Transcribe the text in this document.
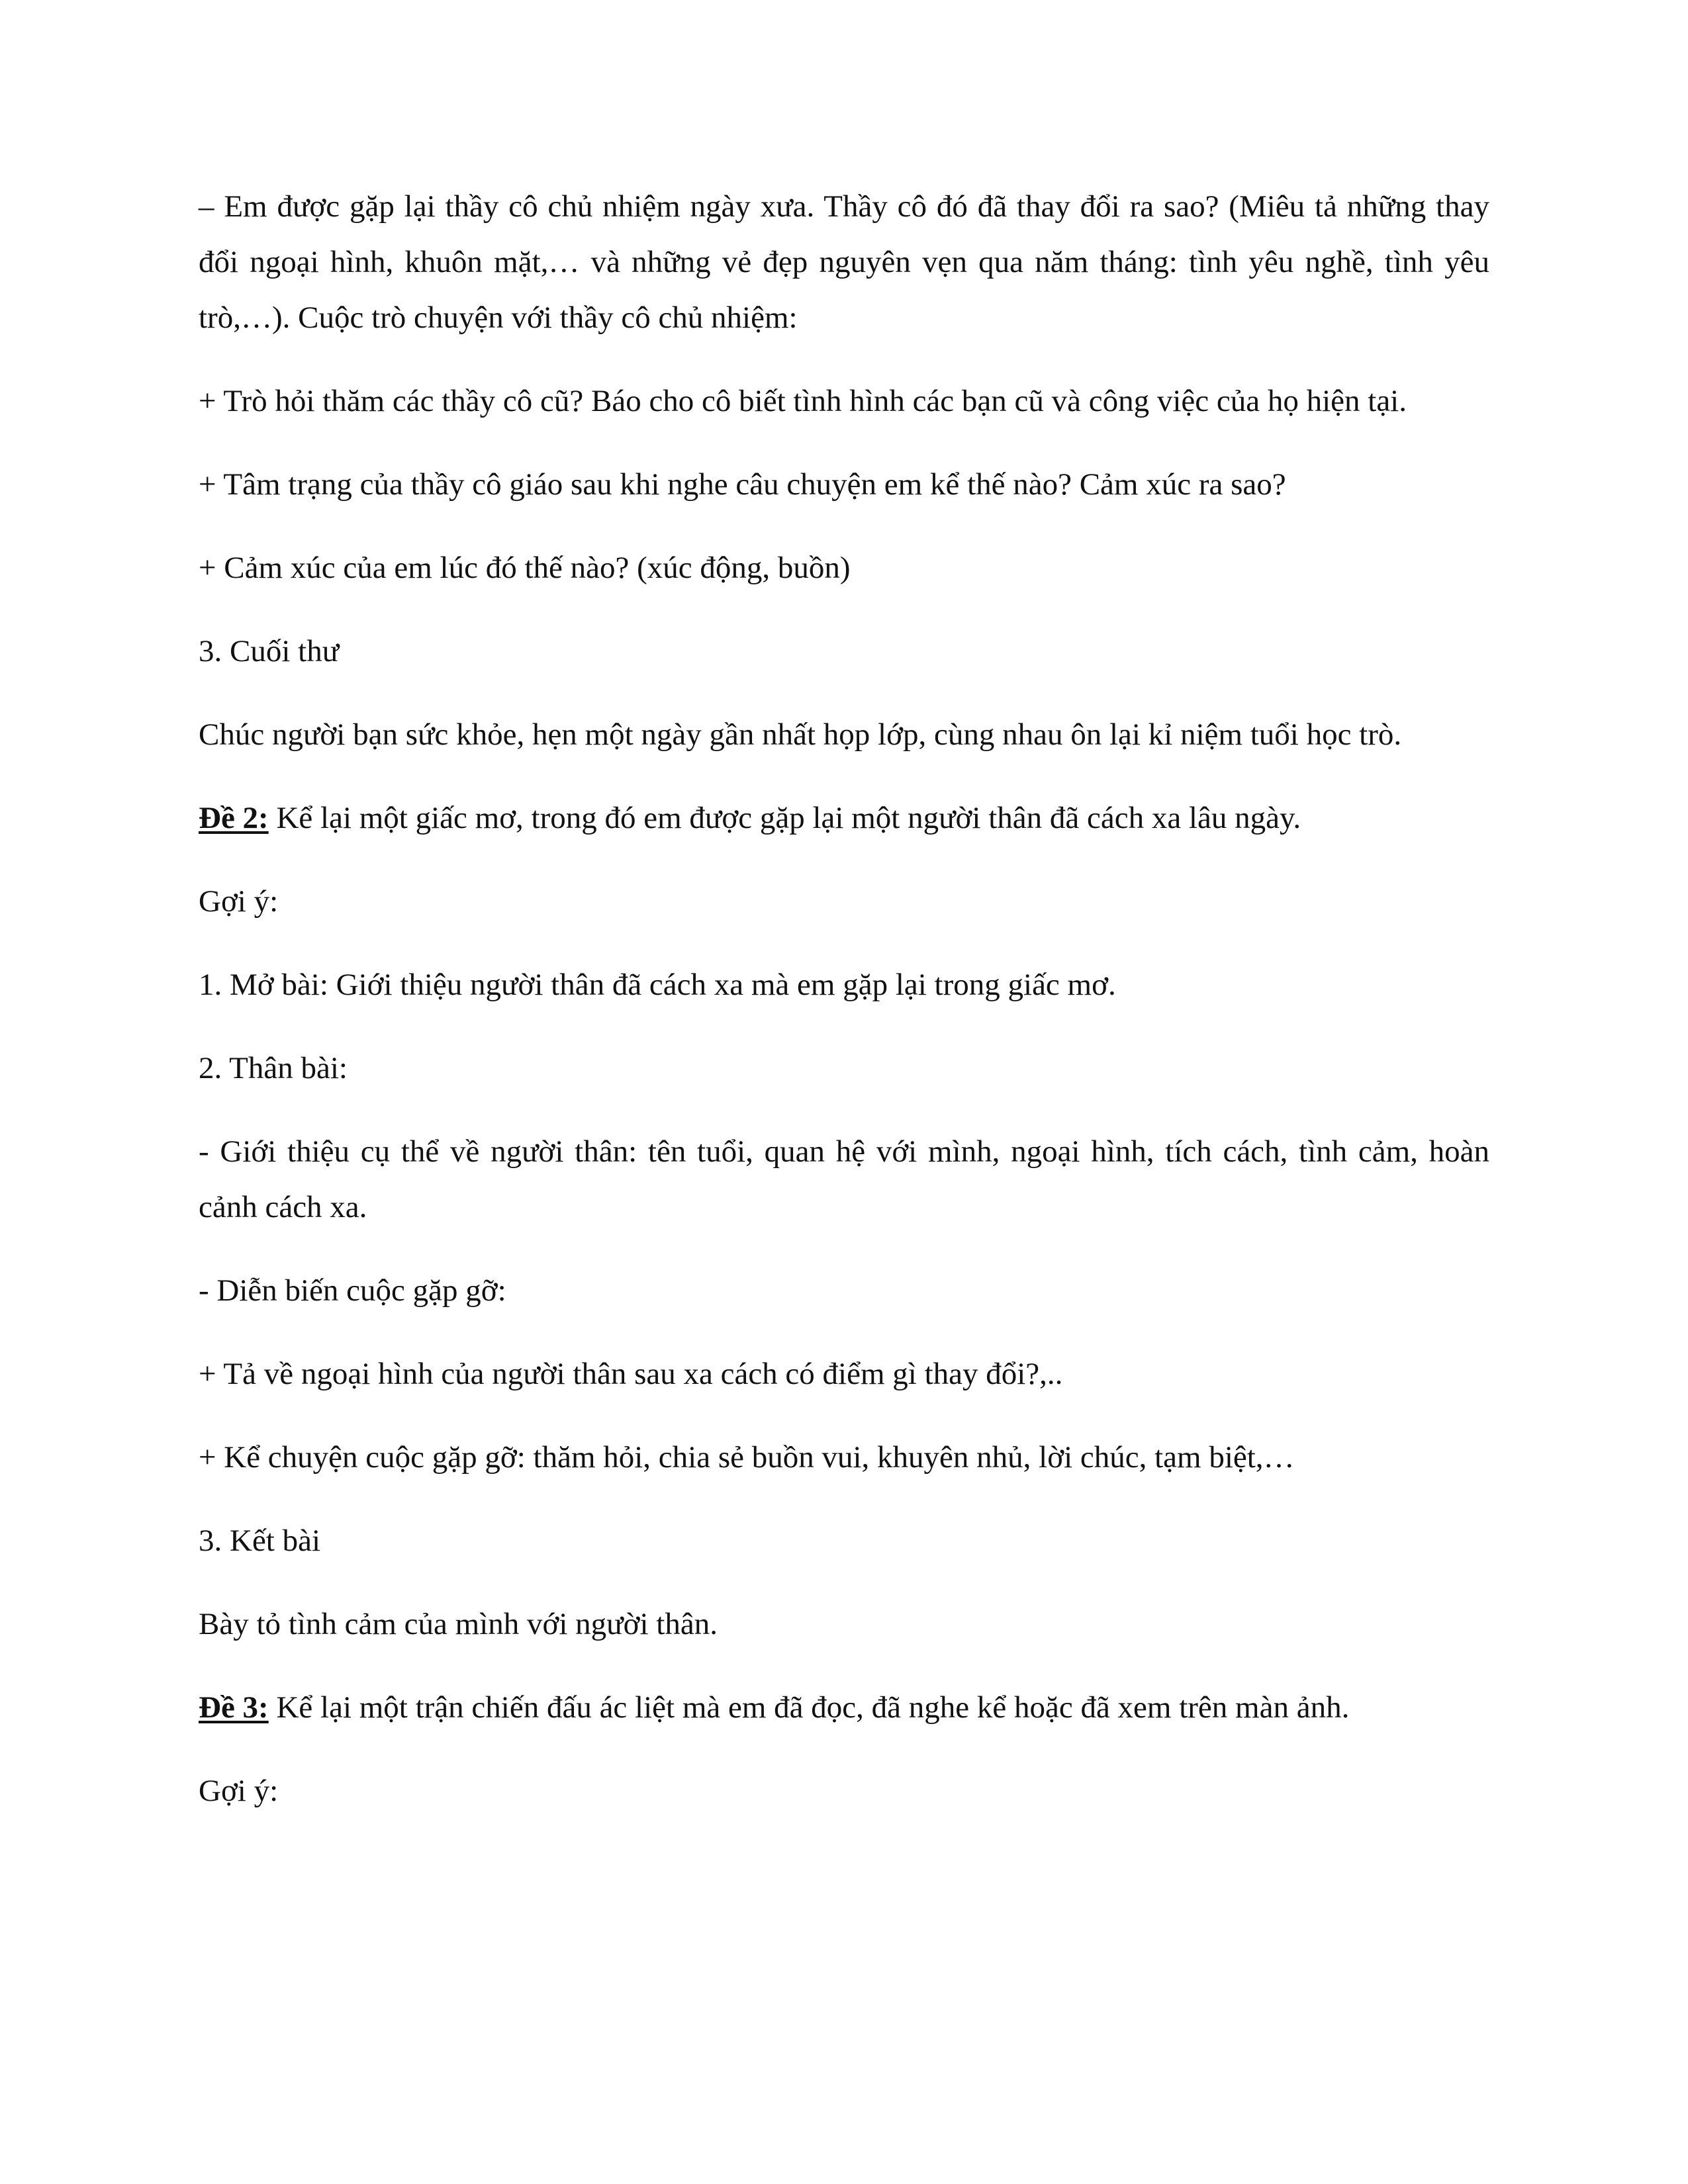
– Em được gặp lại thầy cô chủ nhiệm ngày xưa. Thầy cô đó đã thay đổi ra sao? (Miêu tả những thay đổi ngoại hình, khuôn mặt,… và những vẻ đẹp nguyên vẹn qua năm tháng: tình yêu nghề, tình yêu trò,…). Cuộc trò chuyện với thầy cô chủ nhiệm:

+ Trò hỏi thăm các thầy cô cũ? Báo cho cô biết tình hình các bạn cũ và công việc của họ hiện tại.

+ Tâm trạng của thầy cô giáo sau khi nghe câu chuyện em kể thế nào? Cảm xúc ra sao?

+ Cảm xúc của em lúc đó thế nào? (xúc động, buồn)

3. Cuối thư

Chúc người bạn sức khỏe, hẹn một ngày gần nhất họp lớp, cùng nhau ôn lại kỉ niệm tuổi học trò.

Đề 2: Kể lại một giấc mơ, trong đó em được gặp lại một người thân đã cách xa lâu ngày.

Gợi ý:

1. Mở bài: Giới thiệu người thân đã cách xa mà em gặp lại trong giấc mơ.

2. Thân bài:

- Giới thiệu cụ thể về người thân: tên tuổi, quan hệ với mình, ngoại hình, tích cách, tình cảm, hoàn cảnh cách xa.

- Diễn biến cuộc gặp gỡ:

+ Tả về ngoại hình của người thân sau xa cách có điểm gì thay đổi?,..

+ Kể chuyện cuộc gặp gỡ: thăm hỏi, chia sẻ buồn vui, khuyên nhủ, lời chúc, tạm biệt,…

3. Kết bài

Bày tỏ tình cảm của mình với người thân.

Đề 3: Kể lại một trận chiến đấu ác liệt mà em đã đọc, đã nghe kể hoặc đã xem trên màn ảnh.

Gợi ý:
